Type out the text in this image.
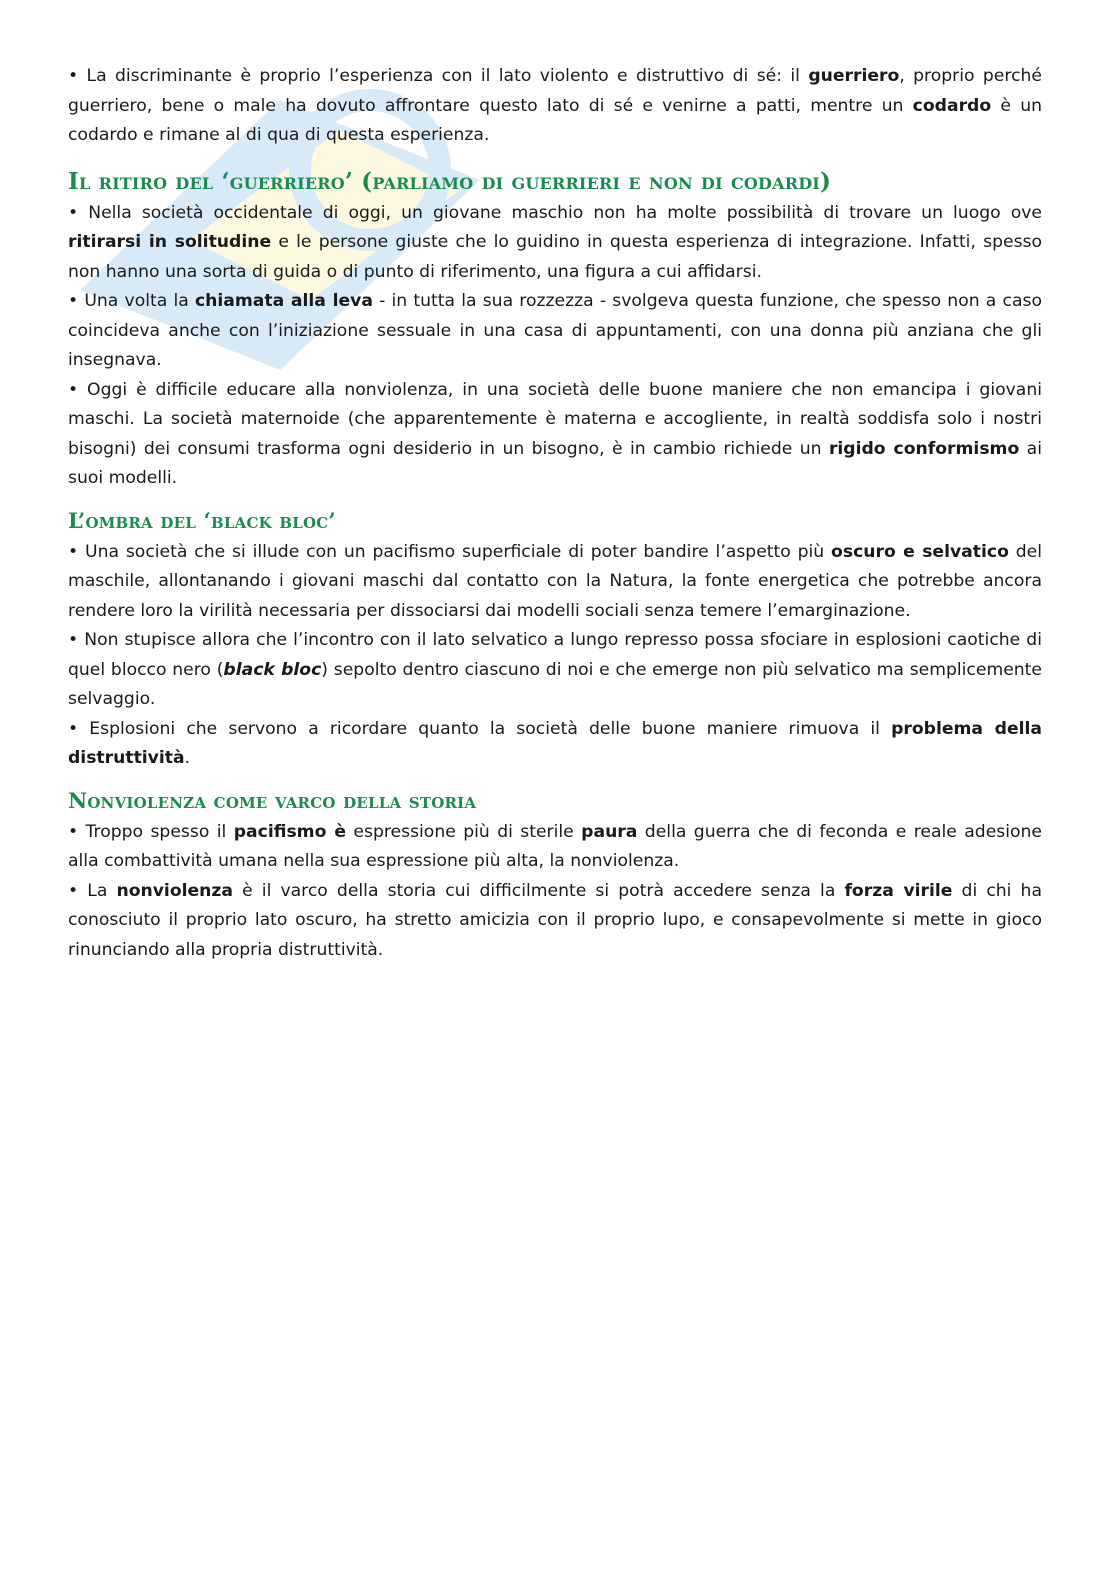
• La discriminante è proprio l’esperienza con il lato violento e distruttivo di sé: il guerriero, proprio perché guerriero, bene o male ha dovuto affrontare questo lato di sé e venirne a patti, mentre un codardo è un codardo e rimane al di qua di questa esperienza.

Il ritiro del ‘guerriero’ (parliamo di guerrieri e non di codardi)

• Nella società occidentale di oggi, un giovane maschio non ha molte possibilità di trovare un luogo ove ritirarsi in solitudine e le persone giuste che lo guidino in questa esperienza di integrazione. Infatti, spesso non hanno una sorta di guida o di punto di riferimento, una figura a cui affidarsi.

• Una volta la chiamata alla leva - in tutta la sua rozzezza - svolgeva questa funzione, che spesso non a caso coincideva anche con l’iniziazione sessuale in una casa di appuntamenti, con una donna più anziana che gli insegnava.

• Oggi è difficile educare alla nonviolenza, in una società delle buone maniere che non emancipa i giovani maschi. La società maternoide (che apparentemente è materna e accogliente, in realtà soddisfa solo i nostri bisogni) dei consumi trasforma ogni desiderio in un bisogno, è in cambio richiede un rigido conformismo ai suoi modelli.

L’ombra del ‘black bloc’

• Una società che si illude con un pacifismo superficiale di poter bandire l’aspetto più oscuro e selvatico del maschile, allontanando i giovani maschi dal contatto con la Natura, la fonte energetica che potrebbe ancora rendere loro la virilità necessaria per dissociarsi dai modelli sociali senza temere l’emarginazione.

• Non stupisce allora che l’incontro con il lato selvatico a lungo represso possa sfociare in esplosioni caotiche di quel blocco nero (black bloc) sepolto dentro ciascuno di noi e che emerge non più selvatico ma semplicemente selvaggio.

• Esplosioni che servono a ricordare quanto la società delle buone maniere rimuova il problema della distruttività.

Nonviolenza come varco della storia

• Troppo spesso il pacifismo è espressione più di sterile paura della guerra che di feconda e reale adesione alla combattività umana nella sua espressione più alta, la nonviolenza.

• La nonviolenza è il varco della storia cui difficilmente si potrà accedere senza la forza virile di chi ha conosciuto il proprio lato oscuro, ha stretto amicizia con il proprio lupo, e consapevolmente si mette in gioco rinunciando alla propria distruttività.
